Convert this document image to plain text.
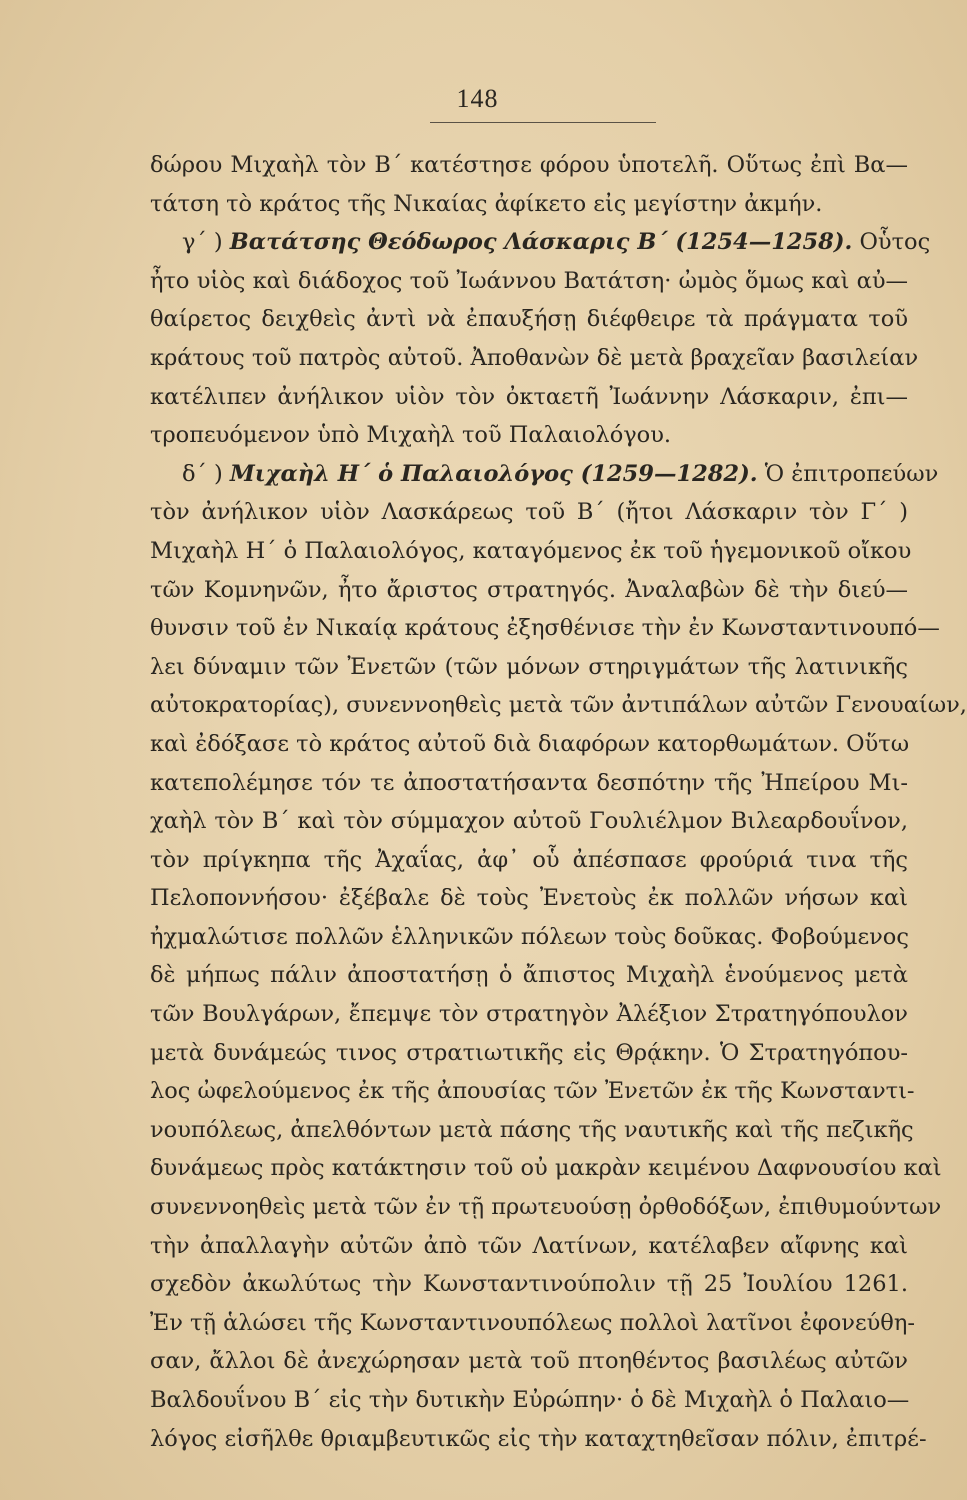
148
δώρου Μιχαὴλ τὸν Β΄ κατέστησε φόρου ὑποτελῆ. Οὕτως ἐπὶ Βα—
τάτση τὸ κράτος τῆς Νικαίας ἀφίκετο εἰς μεγίστην ἀκμήν.
γ΄ ) Βατάτσης Θεόδωρος Λάσκαρις Β΄ (1254—1258). Οὗτος
ἦτο υἱὸς καὶ διάδοχος τοῦ Ἰωάννου Βατάτση· ὠμὸς ὅμως καὶ αὐ—
θαίρετος δειχθεὶς ἀντὶ νὰ ἐπαυξήσῃ διέφθειρε τὰ πράγματα τοῦ
κράτους τοῦ πατρὸς αὐτοῦ. Ἀποθανὼν δὲ μετὰ βραχεῖαν βασιλείαν
κατέλιπεν ἀνήλικον υἱὸν τὸν ὀκταετῆ Ἰωάννην Λάσκαριν, ἐπι—
τροπευόμενον ὑπὸ Μιχαὴλ τοῦ Παλαιολόγου.
δ΄ ) Μιχαὴλ Η΄ ὁ Παλαιολόγος (1259—1282). Ὁ ἐπιτροπεύων
τὸν ἀνήλικον υἱὸν Λασκάρεως τοῦ Β΄ (ἤτοι Λάσκαριν τὸν Γ΄ )
Μιχαὴλ Η΄ ὁ Παλαιολόγος, καταγόμενος ἐκ τοῦ ἡγεμονικοῦ οἴκου
τῶν Κομνηνῶν, ἦτο ἄριστος στρατηγός. Ἀναλαβὼν δὲ τὴν διεύ—
θυνσιν τοῦ ἐν Νικαίᾳ κράτους ἐξησθένισε τὴν ἐν Κωνσταντινουπό—
λει δύναμιν τῶν Ἐνετῶν (τῶν μόνων στηριγμάτων τῆς λατινικῆς
αὐτοκρατορίας), συνεννοηθεὶς μετὰ τῶν ἀντιπάλων αὐτῶν Γενουαίων,
καὶ ἐδόξασε τὸ κράτος αὐτοῦ διὰ διαφόρων κατορθωμάτων. Οὕτω
κατεπολέμησε τόν τε ἀποστατήσαντα δεσπότην τῆς Ἠπείρου Μι-
χαὴλ τὸν Β΄ καὶ τὸν σύμμαχον αὐτοῦ Γουλιέλμον Βιλεαρδουΐνον,
τὸν πρίγκηπα τῆς Ἀχαΐας, ἀφ᾽ οὗ ἀπέσπασε φρούριά τινα τῆς
Πελοποννήσου· ἐξέβαλε δὲ τοὺς Ἐνετοὺς ἐκ πολλῶν νήσων καὶ
ἠχμαλώτισε πολλῶν ἑλληνικῶν πόλεων τοὺς δοῦκας. Φοβούμενος
δὲ μήπως πάλιν ἀποστατήσῃ ὁ ἄπιστος Μιχαὴλ ἑνούμενος μετὰ
τῶν Βουλγάρων, ἔπεμψε τὸν στρατηγὸν Ἀλέξιον Στρατηγόπουλον
μετὰ δυνάμεώς τινος στρατιωτικῆς εἰς Θρᾴκην. Ὁ Στρατηγόπου-
λος ὠφελούμενος ἐκ τῆς ἀπουσίας τῶν Ἐνετῶν ἐκ τῆς Κωνσταντι-
νουπόλεως, ἀπελθόντων μετὰ πάσης τῆς ναυτικῆς καὶ τῆς πεζικῆς
δυνάμεως πρὸς κατάκτησιν τοῦ οὐ μακρὰν κειμένου Δαφνουσίου καὶ
συνεννοηθεὶς μετὰ τῶν ἐν τῇ πρωτευούσῃ ὀρθοδόξων, ἐπιθυμούντων
τὴν ἀπαλλαγὴν αὐτῶν ἀπὸ τῶν Λατίνων, κατέλαβεν αἴφνης καὶ
σχεδὸν ἀκωλύτως τὴν Κωνσταντινούπολιν τῇ 25 Ἰουλίου 1261.
Ἐν τῇ ἁλώσει τῆς Κωνσταντινουπόλεως πολλοὶ λατῖνοι ἐφονεύθη-
σαν, ἄλλοι δὲ ἀνεχώρησαν μετὰ τοῦ πτοηθέντος βασιλέως αὐτῶν
Βαλδουΐνου Β΄ εἰς τὴν δυτικὴν Εὐρώπην· ὁ δὲ Μιχαὴλ ὁ Παλαιο—
λόγος εἰσῆλθε θριαμβευτικῶς εἰς τὴν καταχτηθεῖσαν πόλιν, ἐπιτρέ-
